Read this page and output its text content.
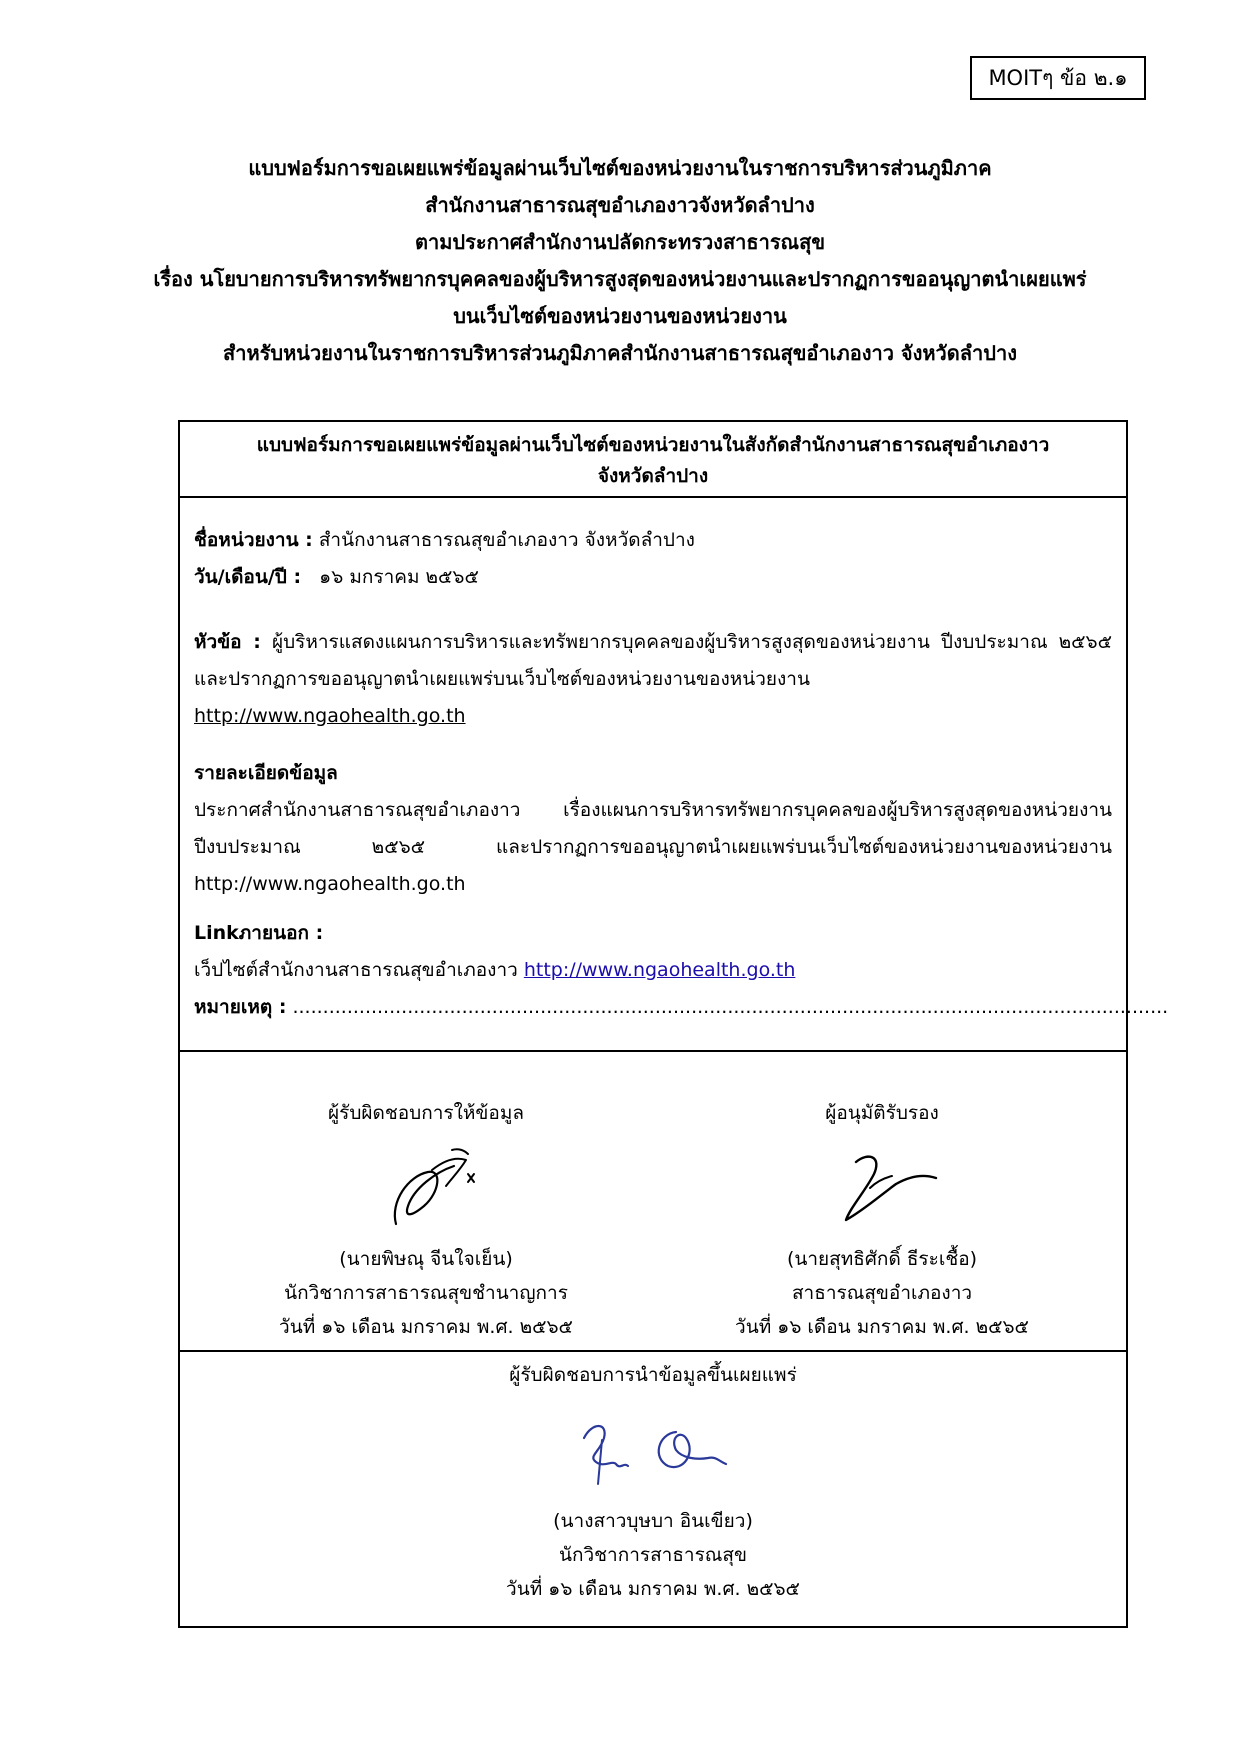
MOITๆ ข้อ ๒.๑
แบบฟอร์มการขอเผยแพร่ข้อมูลผ่านเว็บไซต์ของหน่วยงานในราชการบริหารส่วนภูมิภาค
สำนักงานสาธารณสุขอำเภองาวจังหวัดลำปาง
ตามประกาศสำนักงานปลัดกระทรวงสาธารณสุข
เรื่อง นโยบายการบริหารทรัพยากรบุคคลของผู้บริหารสูงสุดของหน่วยงานและปรากฏการขออนุญาตนำเผยแพร่
บนเว็บไซต์ของหน่วยงานของหน่วยงาน
สำหรับหน่วยงานในราชการบริหารส่วนภูมิภาคสำนักงานสาธารณสุขอำเภองาว จังหวัดลำปาง
แบบฟอร์มการขอเผยแพร่ข้อมูลผ่านเว็บไซต์ของหน่วยงานในสังกัดสำนักงานสาธารณสุขอำเภองาว
จังหวัดลำปาง
ชื่อหน่วยงาน : สำนักงานสาธารณสุขอำเภองาว จังหวัดลำปาง
วัน/เดือน/ปี : ๑๖ มกราคม ๒๕๖๕
หัวข้อ : ผู้บริหารแสดงแผนการบริหารและทรัพยากรบุคคลของผู้บริหารสูงสุดของหน่วยงาน ปีงบประมาณ ๒๕๖๕ และปรากฏการขออนุญาตนำเผยแพร่บนเว็บไซต์ของหน่วยงานของหน่วยงาน
http://www.ngaohealth.go.th
รายละเอียดข้อมูล
ประกาศสำนักงานสาธารณสุขอำเภองาว เรื่องแผนการบริหารทรัพยากรบุคคลของผู้บริหารสูงสุดของหน่วยงาน ปีงบประมาณ ๒๕๖๕ และปรากฏการขออนุญาตนำเผยแพร่บนเว็บไซต์ของหน่วยงานของหน่วยงาน http://www.ngaohealth.go.th
Linkภายนอก :
เว็ปไซต์สำนักงานสาธารณสุขอำเภองาว http://www.ngaohealth.go.th
หมายเหตุ : .................................................................................................................................................
ผู้รับผิดชอบการให้ข้อมูล
(นายพิษณุ จีนใจเย็น)
นักวิชาการสาธารณสุขชำนาญการ
วันที่ ๑๖ เดือน มกราคม พ.ศ. ๒๕๖๕
ผู้อนุมัติรับรอง
(นายสุทธิศักดิ์ ธีระเชื้อ)
สาธารณสุขอำเภองาว
วันที่ ๑๖ เดือน มกราคม พ.ศ. ๒๕๖๕
ผู้รับผิดชอบการนำข้อมูลขึ้นเผยแพร่
(นางสาวบุษบา อินเขียว)
นักวิชาการสาธารณสุข
วันที่ ๑๖ เดือน มกราคม พ.ศ. ๒๕๖๕
